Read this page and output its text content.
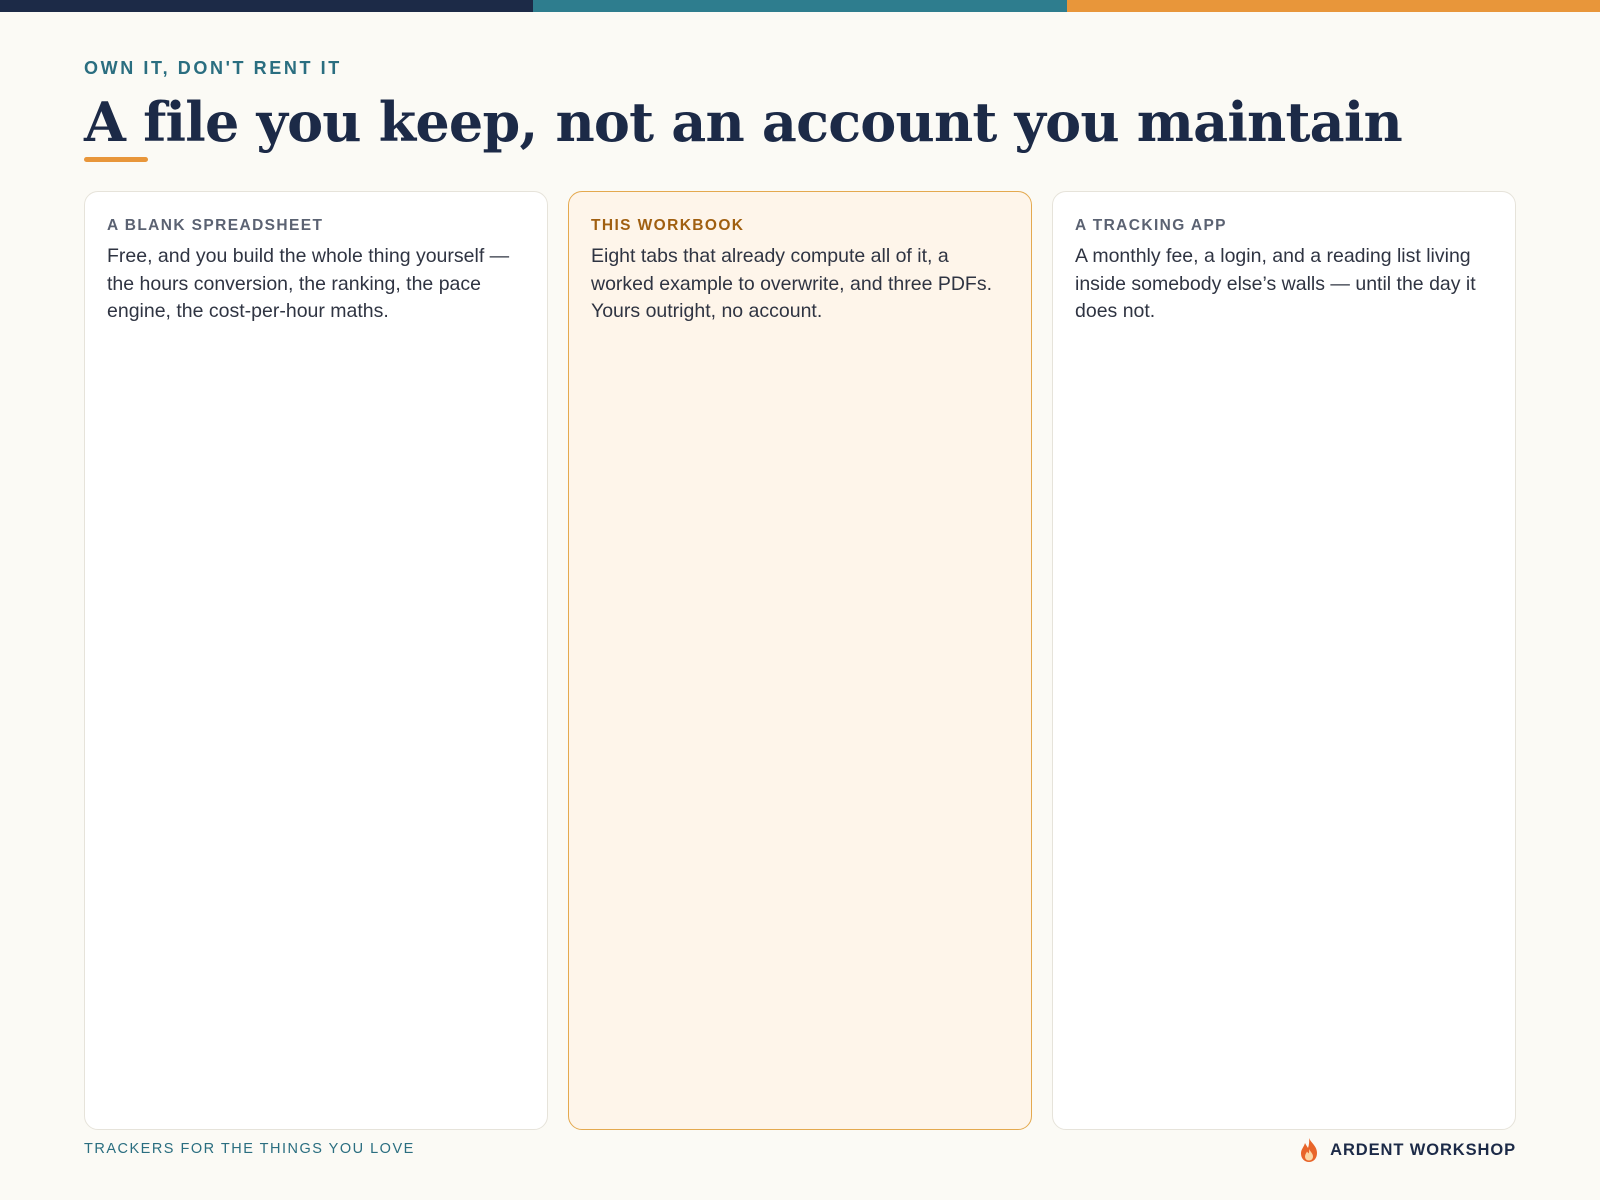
OWN IT, DON'T RENT IT
A file you keep, not an account you maintain
A BLANK SPREADSHEET
Free, and you build the whole thing yourself — the hours conversion, the ranking, the pace engine, the cost-per-hour maths.
THIS WORKBOOK
Eight tabs that already compute all of it, a worked example to overwrite, and three PDFs. Yours outright, no account.
A TRACKING APP
A monthly fee, a login, and a reading list living inside somebody else’s walls — until the day it does not.
TRACKERS FOR THE THINGS YOU LOVE	ARDENT WORKSHOP
